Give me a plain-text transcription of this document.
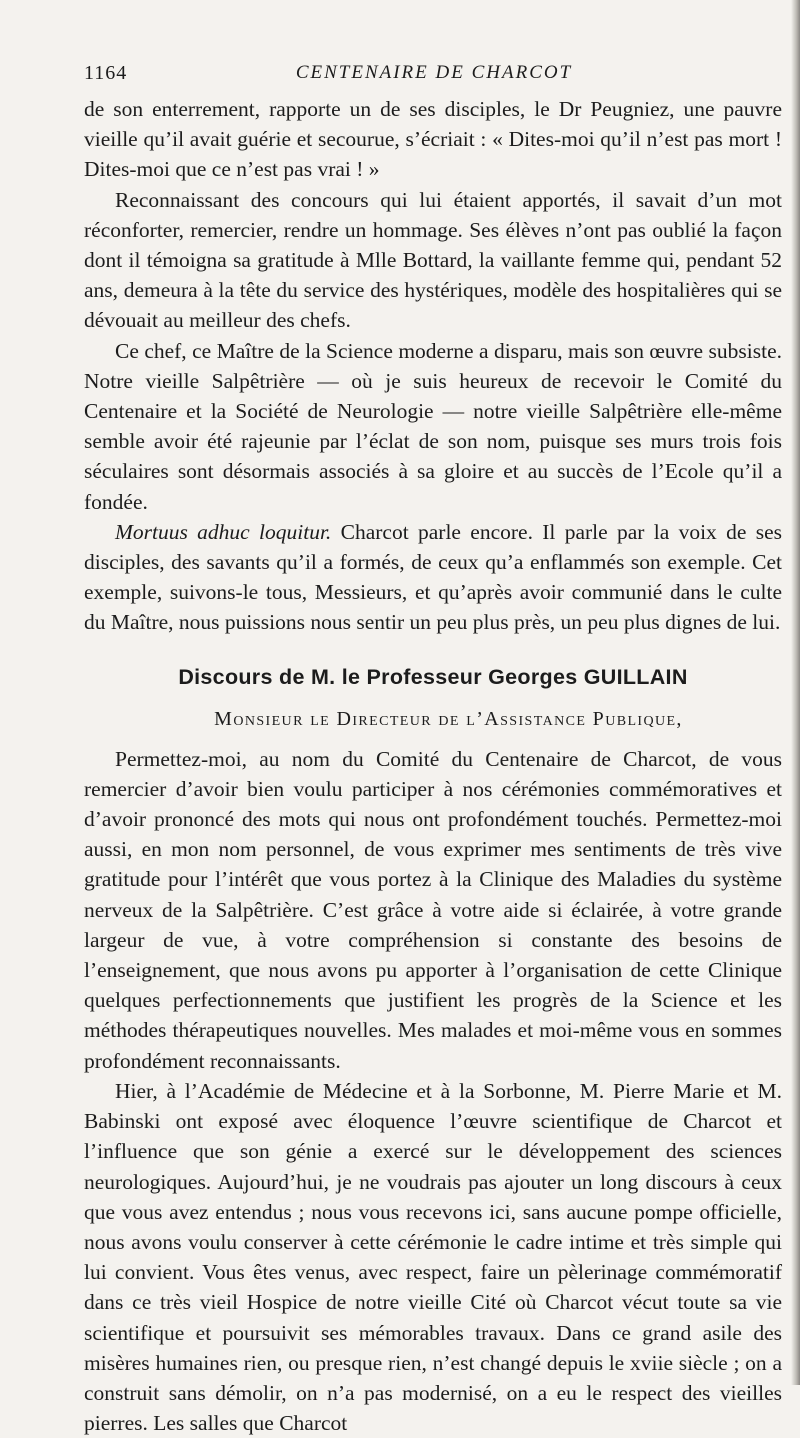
1164	CENTENAIRE DE CHARCOT

de son enterrement, rapporte un de ses disciples, le Dr Peugniez, une pauvre vieille qu’il avait guérie et secourue, s’écriait : « Dites-moi qu’il n’est pas mort ! Dites-moi que ce n’est pas vrai ! »

Reconnaissant des concours qui lui étaient apportés, il savait d’un mot réconforter, remercier, rendre un hommage. Ses élèves n’ont pas oublié la façon dont il témoigna sa gratitude à Mlle Bottard, la vaillante femme qui, pendant 52 ans, demeura à la tête du service des hystériques, modèle des hospitalières qui se dévouait au meilleur des chefs.

Ce chef, ce Maître de la Science moderne a disparu, mais son œuvre subsiste. Notre vieille Salpêtrière — où je suis heureux de recevoir le Comité du Centenaire et la Société de Neurologie — notre vieille Salpêtrière elle-même semble avoir été rajeunie par l’éclat de son nom, puisque ses murs trois fois séculaires sont désormais associés à sa gloire et au succès de l’Ecole qu’il a fondée.

Mortuus adhuc loquitur. Charcot parle encore. Il parle par la voix de ses disciples, des savants qu’il a formés, de ceux qu’a enflammés son exemple. Cet exemple, suivons-le tous, Messieurs, et qu’après avoir communié dans le culte du Maître, nous puissions nous sentir un peu plus près, un peu plus dignes de lui.

Discours de M. le Professeur Georges GUILLAIN

Monsieur le Directeur de l’Assistance Publique,

Permettez-moi, au nom du Comité du Centenaire de Charcot, de vous remercier d’avoir bien voulu participer à nos cérémonies commémoratives et d’avoir prononcé des mots qui nous ont profondément touchés. Permettez-moi aussi, en mon nom personnel, de vous exprimer mes sentiments de très vive gratitude pour l’intérêt que vous portez à la Clinique des Maladies du système nerveux de la Salpêtrière. C’est grâce à votre aide si éclairée, à votre grande largeur de vue, à votre compréhension si constante des besoins de l’enseignement, que nous avons pu apporter à l’organisation de cette Clinique quelques perfectionnements que justifient les progrès de la Science et les méthodes thérapeutiques nouvelles. Mes malades et moi-même vous en sommes profondément reconnaissants.

Hier, à l’Académie de Médecine et à la Sorbonne, M. Pierre Marie et M. Babinski ont exposé avec éloquence l’œuvre scientifique de Charcot et l’influence que son génie a exercé sur le développement des sciences neurologiques. Aujourd’hui, je ne voudrais pas ajouter un long discours à ceux que vous avez entendus ; nous vous recevons ici, sans aucune pompe officielle, nous avons voulu conserver à cette cérémonie le cadre intime et très simple qui lui convient. Vous êtes venus, avec respect, faire un pèlerinage commémoratif dans ce très vieil Hospice de notre vieille Cité où Charcot vécut toute sa vie scientifique et poursuivit ses mémorables travaux. Dans ce grand asile des misères humaines rien, ou presque rien, n’est changé depuis le xviie siècle ; on a construit sans démolir, on n’a pas modernisé, on a eu le respect des vieilles pierres. Les salles que Charcot
